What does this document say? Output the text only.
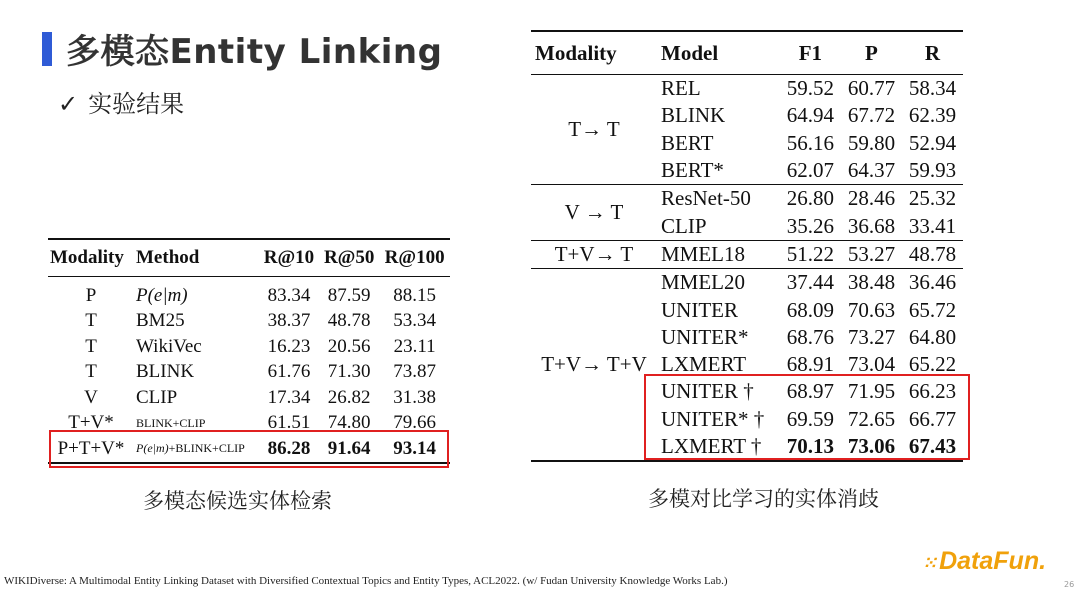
多模态Entity Linking
✓ 实验结果
Modality	Method	R@10	R@50	R@100
P	P(e|m)	83.34	87.59	88.15
T	BM25	38.37	48.78	53.34
T	WikiVec	16.23	20.56	23.11
T	BLINK	61.76	71.30	73.87
V	CLIP	17.34	26.82	31.38
T+V*	BLINK+CLIP	61.51	74.80	79.66
P+T+V*	P(e|m)+BLINK+CLIP	86.28	91.64	93.14
Modality	Model	F1	P	R
T→ T	REL	59.52	60.77	58.34
	BLINK	64.94	67.72	62.39
	BERT	56.16	59.80	52.94
	BERT*	62.07	64.37	59.93
V → T	ResNet-50	26.80	28.46	25.32
	CLIP	35.26	36.68	33.41
T+V→ T	MMEL18	51.22	53.27	48.78
T+V→ T+V	MMEL20	37.44	38.48	36.46
	UNITER	68.09	70.63	65.72
	UNITER*	68.76	73.27	64.80
	LXMERT	68.91	73.04	65.22
	UNITER †	68.97	71.95	66.23
	UNITER* †	69.59	72.65	66.77
	LXMERT †	70.13	73.06	67.43
多模态候选实体检索	多模对比学习的实体消歧
⁙DataFun.
WIKIDiverse: A Multimodal Entity Linking Dataset with Diversified Contextual Topics and Entity Types, ACL2022. (w/ Fudan University Knowledge Works Lab.)	26
